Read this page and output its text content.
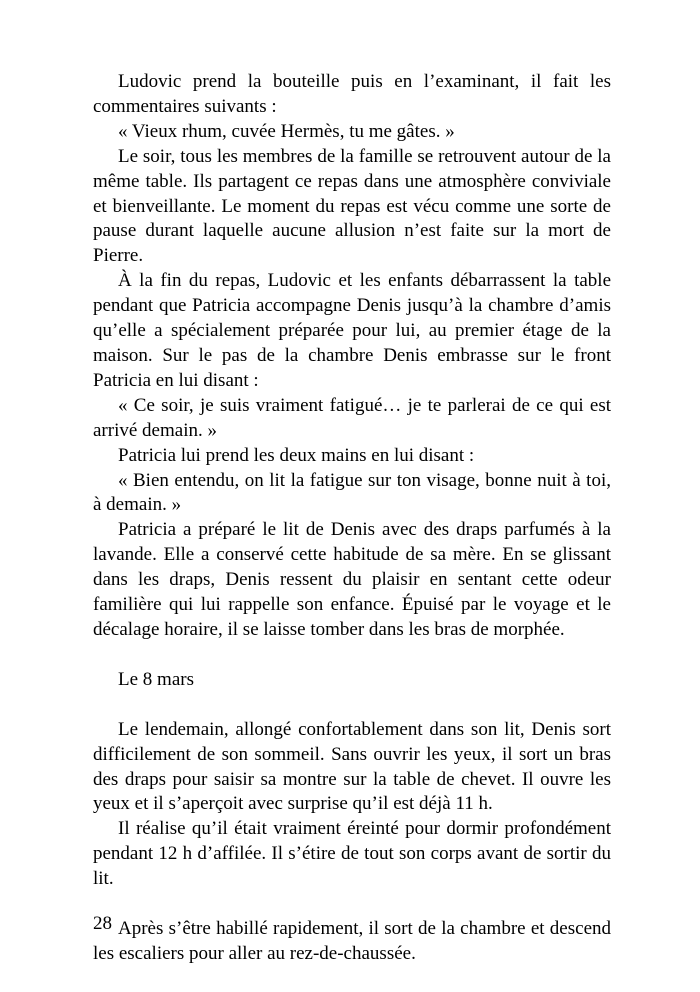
Ludovic prend la bouteille puis en l’examinant, il fait les commentaires suivants :

« Vieux rhum, cuvée Hermès, tu me gâtes. »

Le soir, tous les membres de la famille se retrouvent autour de la même table. Ils partagent ce repas dans une atmosphère conviviale et bienveillante. Le moment du repas est vécu comme une sorte de pause durant laquelle aucune allusion n’est faite sur la mort de Pierre.

À la fin du repas, Ludovic et les enfants débarrassent la table pendant que Patricia accompagne Denis jusqu’à la chambre d’amis qu’elle a spécialement préparée pour lui, au premier étage de la maison. Sur le pas de la chambre Denis embrasse sur le front Patricia en lui disant :

« Ce soir, je suis vraiment fatigué… je te parlerai de ce qui est arrivé demain. »

Patricia lui prend les deux mains en lui disant :

« Bien entendu, on lit la fatigue sur ton visage, bonne nuit à toi, à demain. »

Patricia a préparé le lit de Denis avec des draps parfumés à la lavande. Elle a conservé cette habitude de sa mère. En se glissant dans les draps, Denis ressent du plaisir en sentant cette odeur familière qui lui rappelle son enfance. Épuisé par le voyage et le décalage horaire, il se laisse tomber dans les bras de morphée.

Le 8 mars

Le lendemain, allongé confortablement dans son lit, Denis sort difficilement de son sommeil. Sans ouvrir les yeux, il sort un bras des draps pour saisir sa montre sur la table de chevet. Il ouvre les yeux et il s’aperçoit avec surprise qu’il est déjà 11 h.

Il réalise qu’il était vraiment éreinté pour dormir profondément pendant 12 h d’affilée. Il s’étire de tout son corps avant de sortir du lit.

Après s’être habillé rapidement, il sort de la chambre et descend les escaliers pour aller au rez-de-chaussée.

28
